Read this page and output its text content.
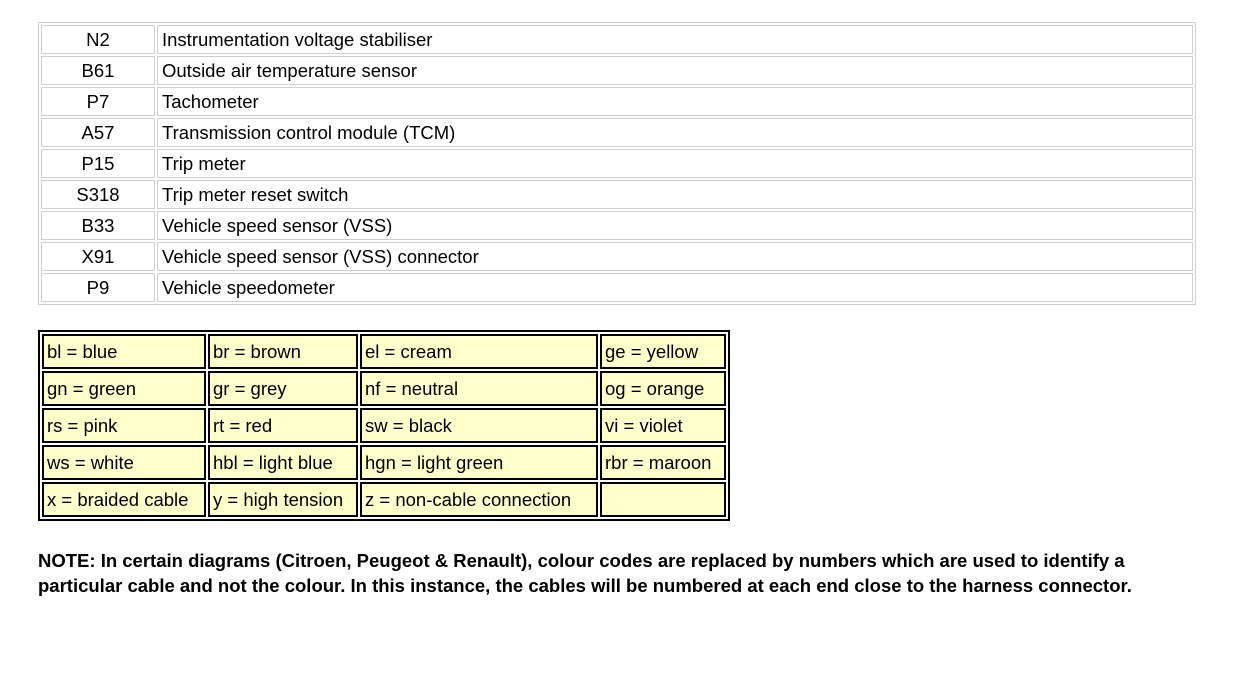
N2	Instrumentation voltage stabiliser
B61	Outside air temperature sensor
P7	Tachometer
A57	Transmission control module (TCM)
P15	Trip meter
S318	Trip meter reset switch
B33	Vehicle speed sensor (VSS)
X91	Vehicle speed sensor (VSS) connector
P9	Vehicle speedometer
bl = blue	br = brown	el = cream	ge = yellow
gn = green	gr = grey	nf = neutral	og = orange
rs = pink	rt = red	sw = black	vi = violet
ws = white	hbl = light blue	hgn = light green	rbr = maroon
x = braided cable	y = high tension	z = non-cable connection	
NOTE: In certain diagrams (Citroen, Peugeot & Renault), colour codes are replaced by numbers which are used to identify a particular cable and not the colour. In this instance, the cables will be numbered at each end close to the harness connector.
